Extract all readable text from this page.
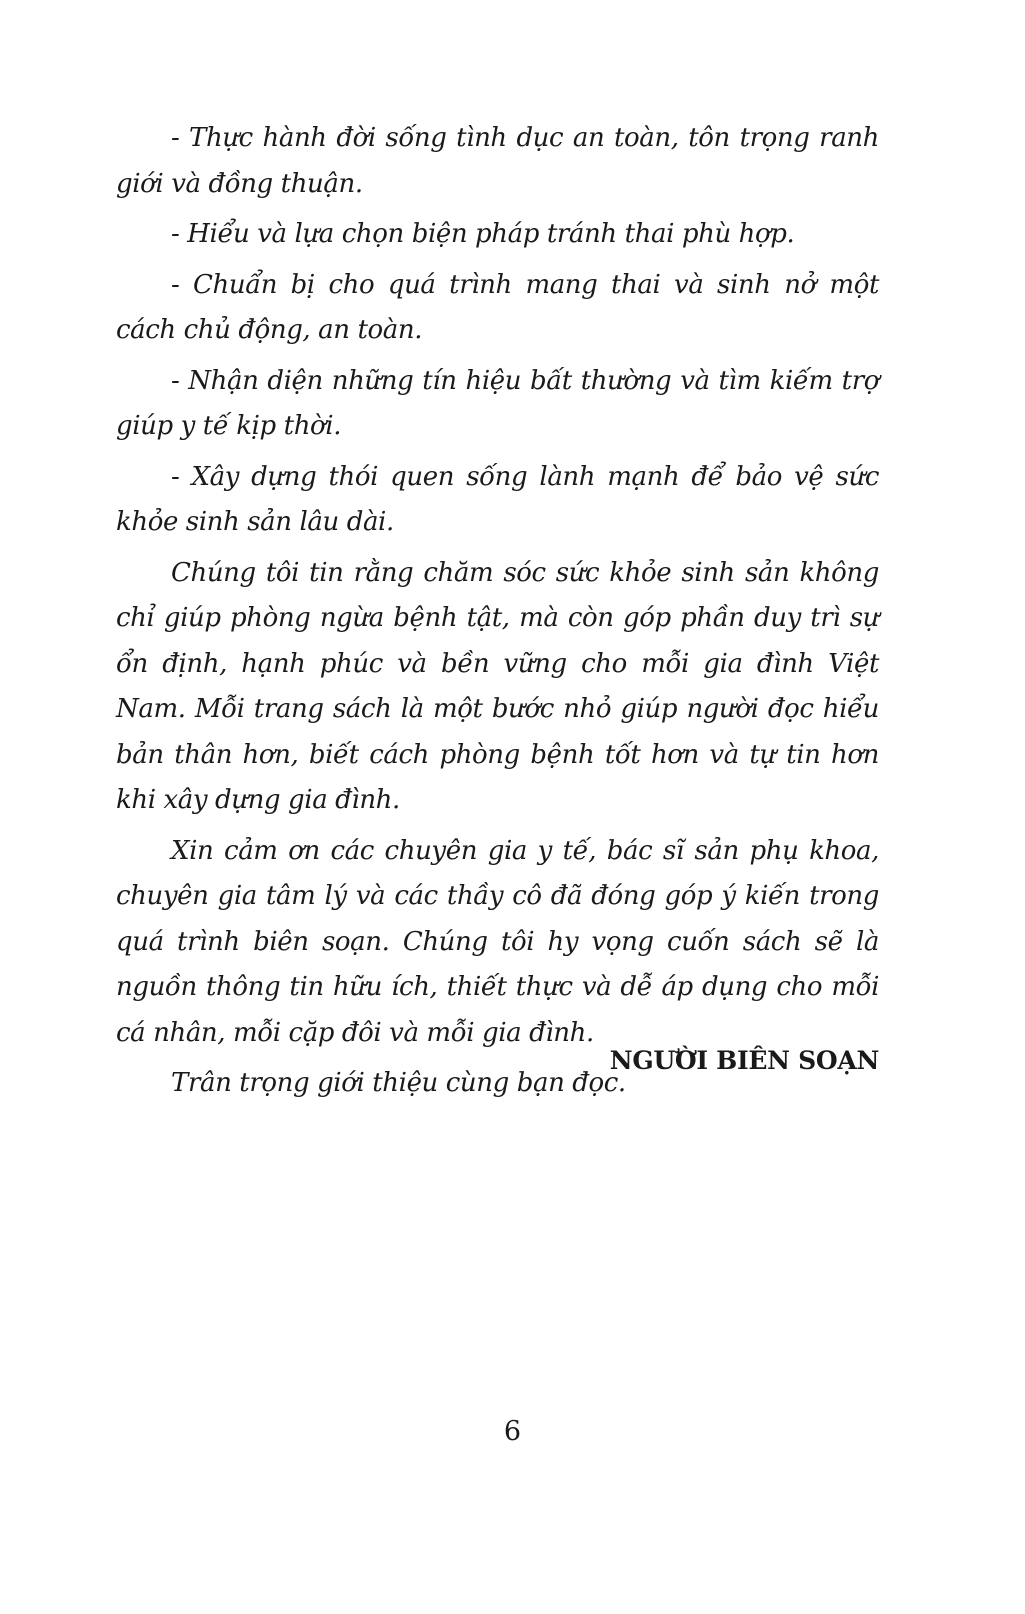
- Thực hành đời sống tình dục an toàn, tôn trọng ranh giới và đồng thuận.

- Hiểu và lựa chọn biện pháp tránh thai phù hợp.

- Chuẩn bị cho quá trình mang thai và sinh nở một cách chủ động, an toàn.

- Nhận diện những tín hiệu bất thường và tìm kiếm trợ giúp y tế kịp thời.

- Xây dựng thói quen sống lành mạnh để bảo vệ sức khỏe sinh sản lâu dài.

Chúng tôi tin rằng chăm sóc sức khỏe sinh sản không chỉ giúp phòng ngừa bệnh tật, mà còn góp phần duy trì sự ổn định, hạnh phúc và bền vững cho mỗi gia đình Việt Nam. Mỗi trang sách là một bước nhỏ giúp người đọc hiểu bản thân hơn, biết cách phòng bệnh tốt hơn và tự tin hơn khi xây dựng gia đình.

Xin cảm ơn các chuyên gia y tế, bác sĩ sản phụ khoa, chuyên gia tâm lý và các thầy cô đã đóng góp ý kiến trong quá trình biên soạn. Chúng tôi hy vọng cuốn sách sẽ là nguồn thông tin hữu ích, thiết thực và dễ áp dụng cho mỗi cá nhân, mỗi cặp đôi và mỗi gia đình.

Trân trọng giới thiệu cùng bạn đọc.

NGƯỜI BIÊN SOẠN
6
